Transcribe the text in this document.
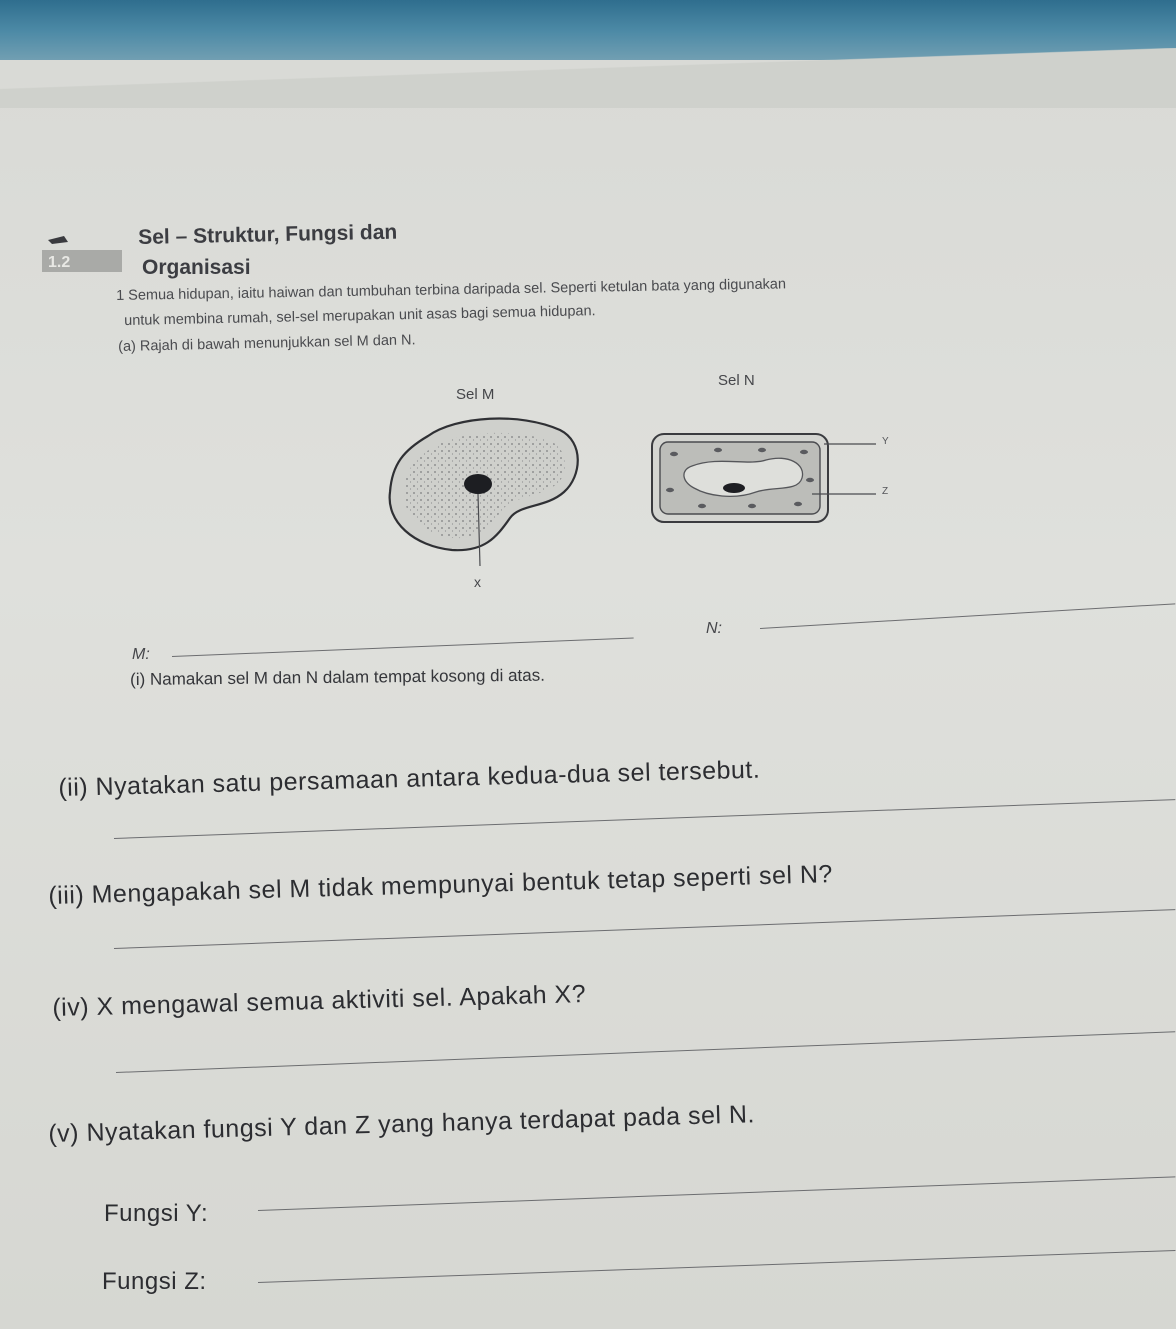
1.2
Sel – Struktur, Fungsi dan
Organisasi
1 Semua hidupan, iaitu haiwan dan tumbuhan terbina daripada sel. Seperti ketulan bata yang digunakan
untuk membina rumah, sel-sel merupakan unit asas bagi semua hidupan.
(a) Rajah di bawah menunjukkan sel M dan N.
Sel M
Sel N
x
Y
Z
M:
N:
(i) Namakan sel M dan N dalam tempat kosong di atas.
(ii) Nyatakan satu persamaan antara kedua-dua sel tersebut.
(iii) Mengapakah sel M tidak mempunyai bentuk tetap seperti sel N?
(iv) X mengawal semua aktiviti sel. Apakah X?
(v) Nyatakan fungsi Y dan Z yang hanya terdapat pada sel N.
Fungsi Y:
Fungsi Z:
